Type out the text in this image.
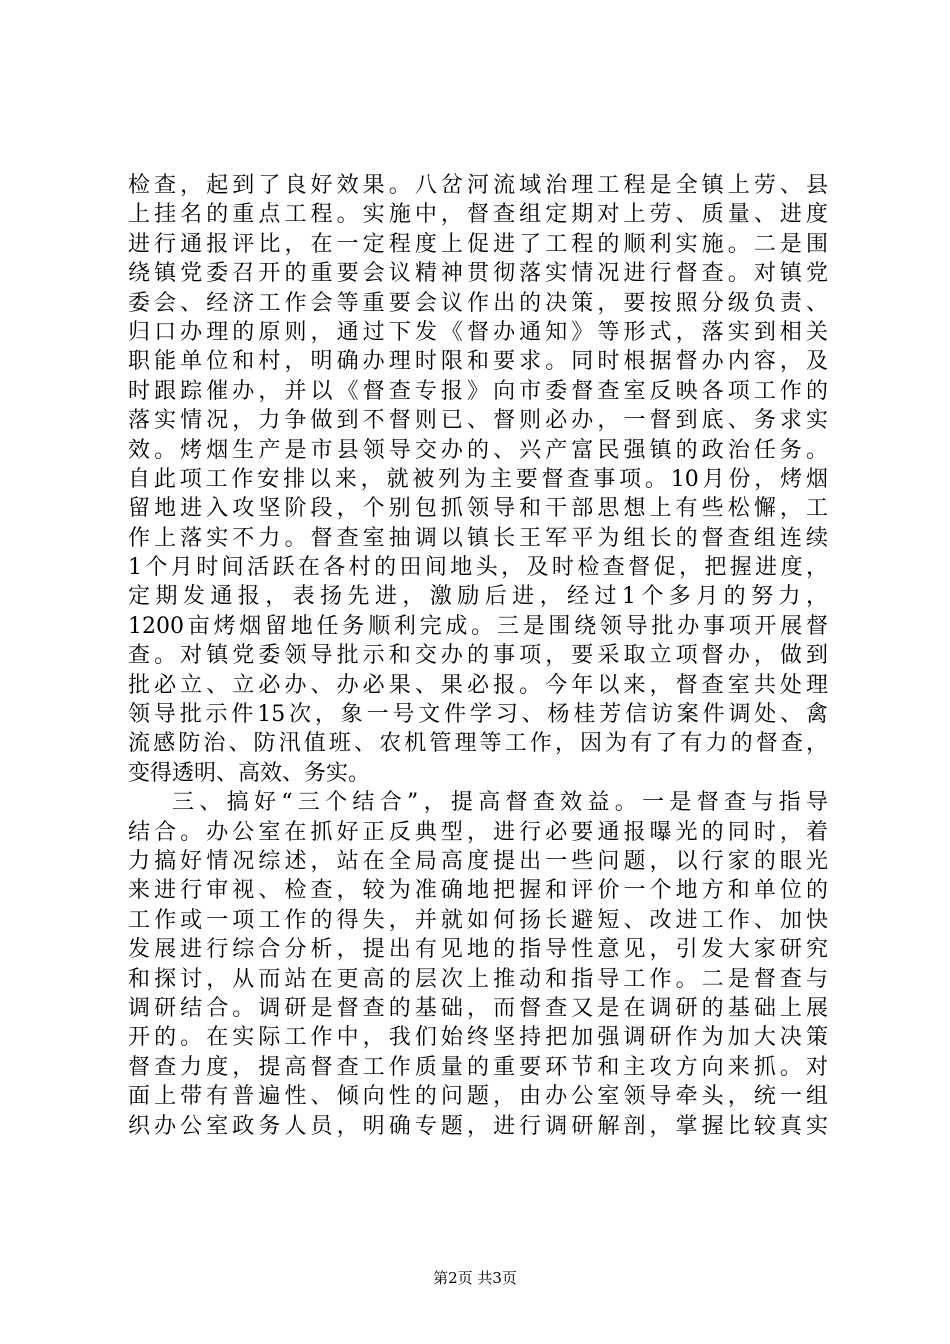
检查，起到了良好效果。八岔河流域治理工程是全镇上劳、县
上挂名的重点工程。实施中，督查组定期对上劳、质量、进度
进行通报评比，在一定程度上促进了工程的顺利实施。二是围
绕镇党委召开的重要会议精神贯彻落实情况进行督查。对镇党
委会、经济工作会等重要会议作出的决策，要按照分级负责、
归口办理的原则，通过下发《督办通知》等形式，落实到相关
职能单位和村，明确办理时限和要求。同时根据督办内容，及
时跟踪催办，并以《督查专报》向市委督查室反映各项工作的
落实情况，力争做到不督则已、督则必办，一督到底、务求实
效。烤烟生产是市县领导交办的、兴产富民强镇的政治任务。
自此项工作安排以来，就被列为主要督查事项。10月份，烤烟
留地进入攻坚阶段，个别包抓领导和干部思想上有些松懈，工
作上落实不力。督查室抽调以镇长王军平为组长的督查组连续
1个月时间活跃在各村的田间地头，及时检查督促，把握进度，
定期发通报，表扬先进，激励后进，经过1个多月的努力，
1200亩烤烟留地任务顺利完成。三是围绕领导批办事项开展督
查。对镇党委领导批示和交办的事项，要采取立项督办，做到
批必立、立必办、办必果、果必报。今年以来，督查室共处理
领导批示件15次，象一号文件学习、杨桂芳信访案件调处、禽
流感防治、防汛值班、农机管理等工作，因为有了有力的督查，
变得透明、高效、务实。
三、搞好“三个结合”，提高督查效益。一是督查与指导
结合。办公室在抓好正反典型，进行必要通报曝光的同时，着
力搞好情况综述，站在全局高度提出一些问题，以行家的眼光
来进行审视、检查，较为准确地把握和评价一个地方和单位的
工作或一项工作的得失，并就如何扬长避短、改进工作、加快
发展进行综合分析，提出有见地的指导性意见，引发大家研究
和探讨，从而站在更高的层次上推动和指导工作。二是督查与
调研结合。调研是督查的基础，而督查又是在调研的基础上展
开的。在实际工作中，我们始终坚持把加强调研作为加大决策
督查力度，提高督查工作质量的重要环节和主攻方向来抓。对
面上带有普遍性、倾向性的问题，由办公室领导牵头，统一组
织办公室政务人员，明确专题，进行调研解剖，掌握比较真实
第2页 共3页
